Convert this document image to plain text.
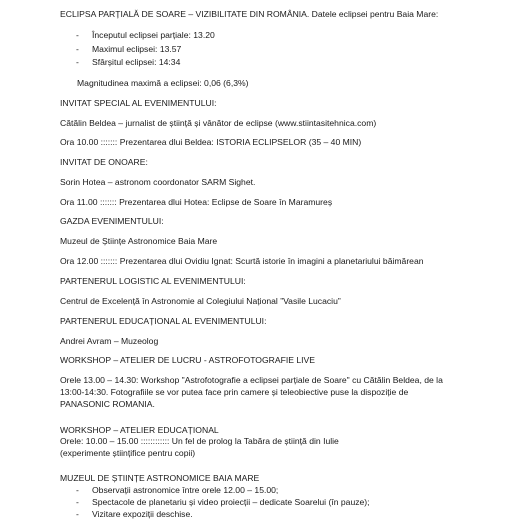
ECLIPSA PARȚIALĂ DE SOARE – VIZIBILITATE DIN ROMÂNIA. Datele eclipsei pentru Baia Mare:
- Începutul eclipsei parțiale: 13.20
- Maximul eclipsei: 13.57
- Sfârșitul eclipsei: 14:34
Magnitudinea maximă a eclipsei: 0,06 (6,3%)
INVITAT SPECIAL AL EVENIMENTULUI:
Cătălin Beldea – jurnalist de știință și vânător de eclipse (www.stiintasitehnica.com)
Ora 10.00 ::::::: Prezentarea dlui Beldea: ISTORIA ECLIPSELOR (35 – 40 MIN)
INVITAT DE ONOARE:
Sorin Hotea – astronom coordonator SARM Sighet.
Ora 11.00 ::::::: Prezentarea dlui Hotea: Eclipse de Soare în Maramureș
GAZDA EVENIMENTULUI:
Muzeul de Științe Astronomice Baia Mare
Ora 12.00 ::::::: Prezentarea dlui Ovidiu Ignat: Scurtă istorie în imagini a planetariului băimărean
PARTENERUL LOGISTIC AL EVENIMENTULUI:
Centrul de Excelență în Astronomie al Colegiului Național ”Vasile Lucaciu”
PARTENERUL EDUCAȚIONAL AL EVENIMENTULUI:
Andrei Avram – Muzeolog
WORKSHOP – ATELIER DE LUCRU - ASTROFOTOGRAFIE LIVE
Orele 13.00 – 14.30: Workshop "Astrofotografie a eclipsei parțiale de Soare" cu Cătălin Beldea, de la
13:00-14:30. Fotografiile se vor putea face prin camere și teleobiective puse la dispoziție de
PANASONIC ROMANIA.
WORKSHOP – ATELIER EDUCAȚIONAL
Orele: 10.00 – 15.00 :::::::::::: Un fel de prolog la Tabăra de știință din Iulie
(experimente științifice pentru copii)
MUZEUL DE ȘTIINȚE ASTRONOMICE BAIA MARE
- Observații astronomice între orele 12.00 – 15.00;
- Spectacole de planetariu și video proiecții – dedicate Soarelui (în pauze);
- Vizitare expoziții deschise.
